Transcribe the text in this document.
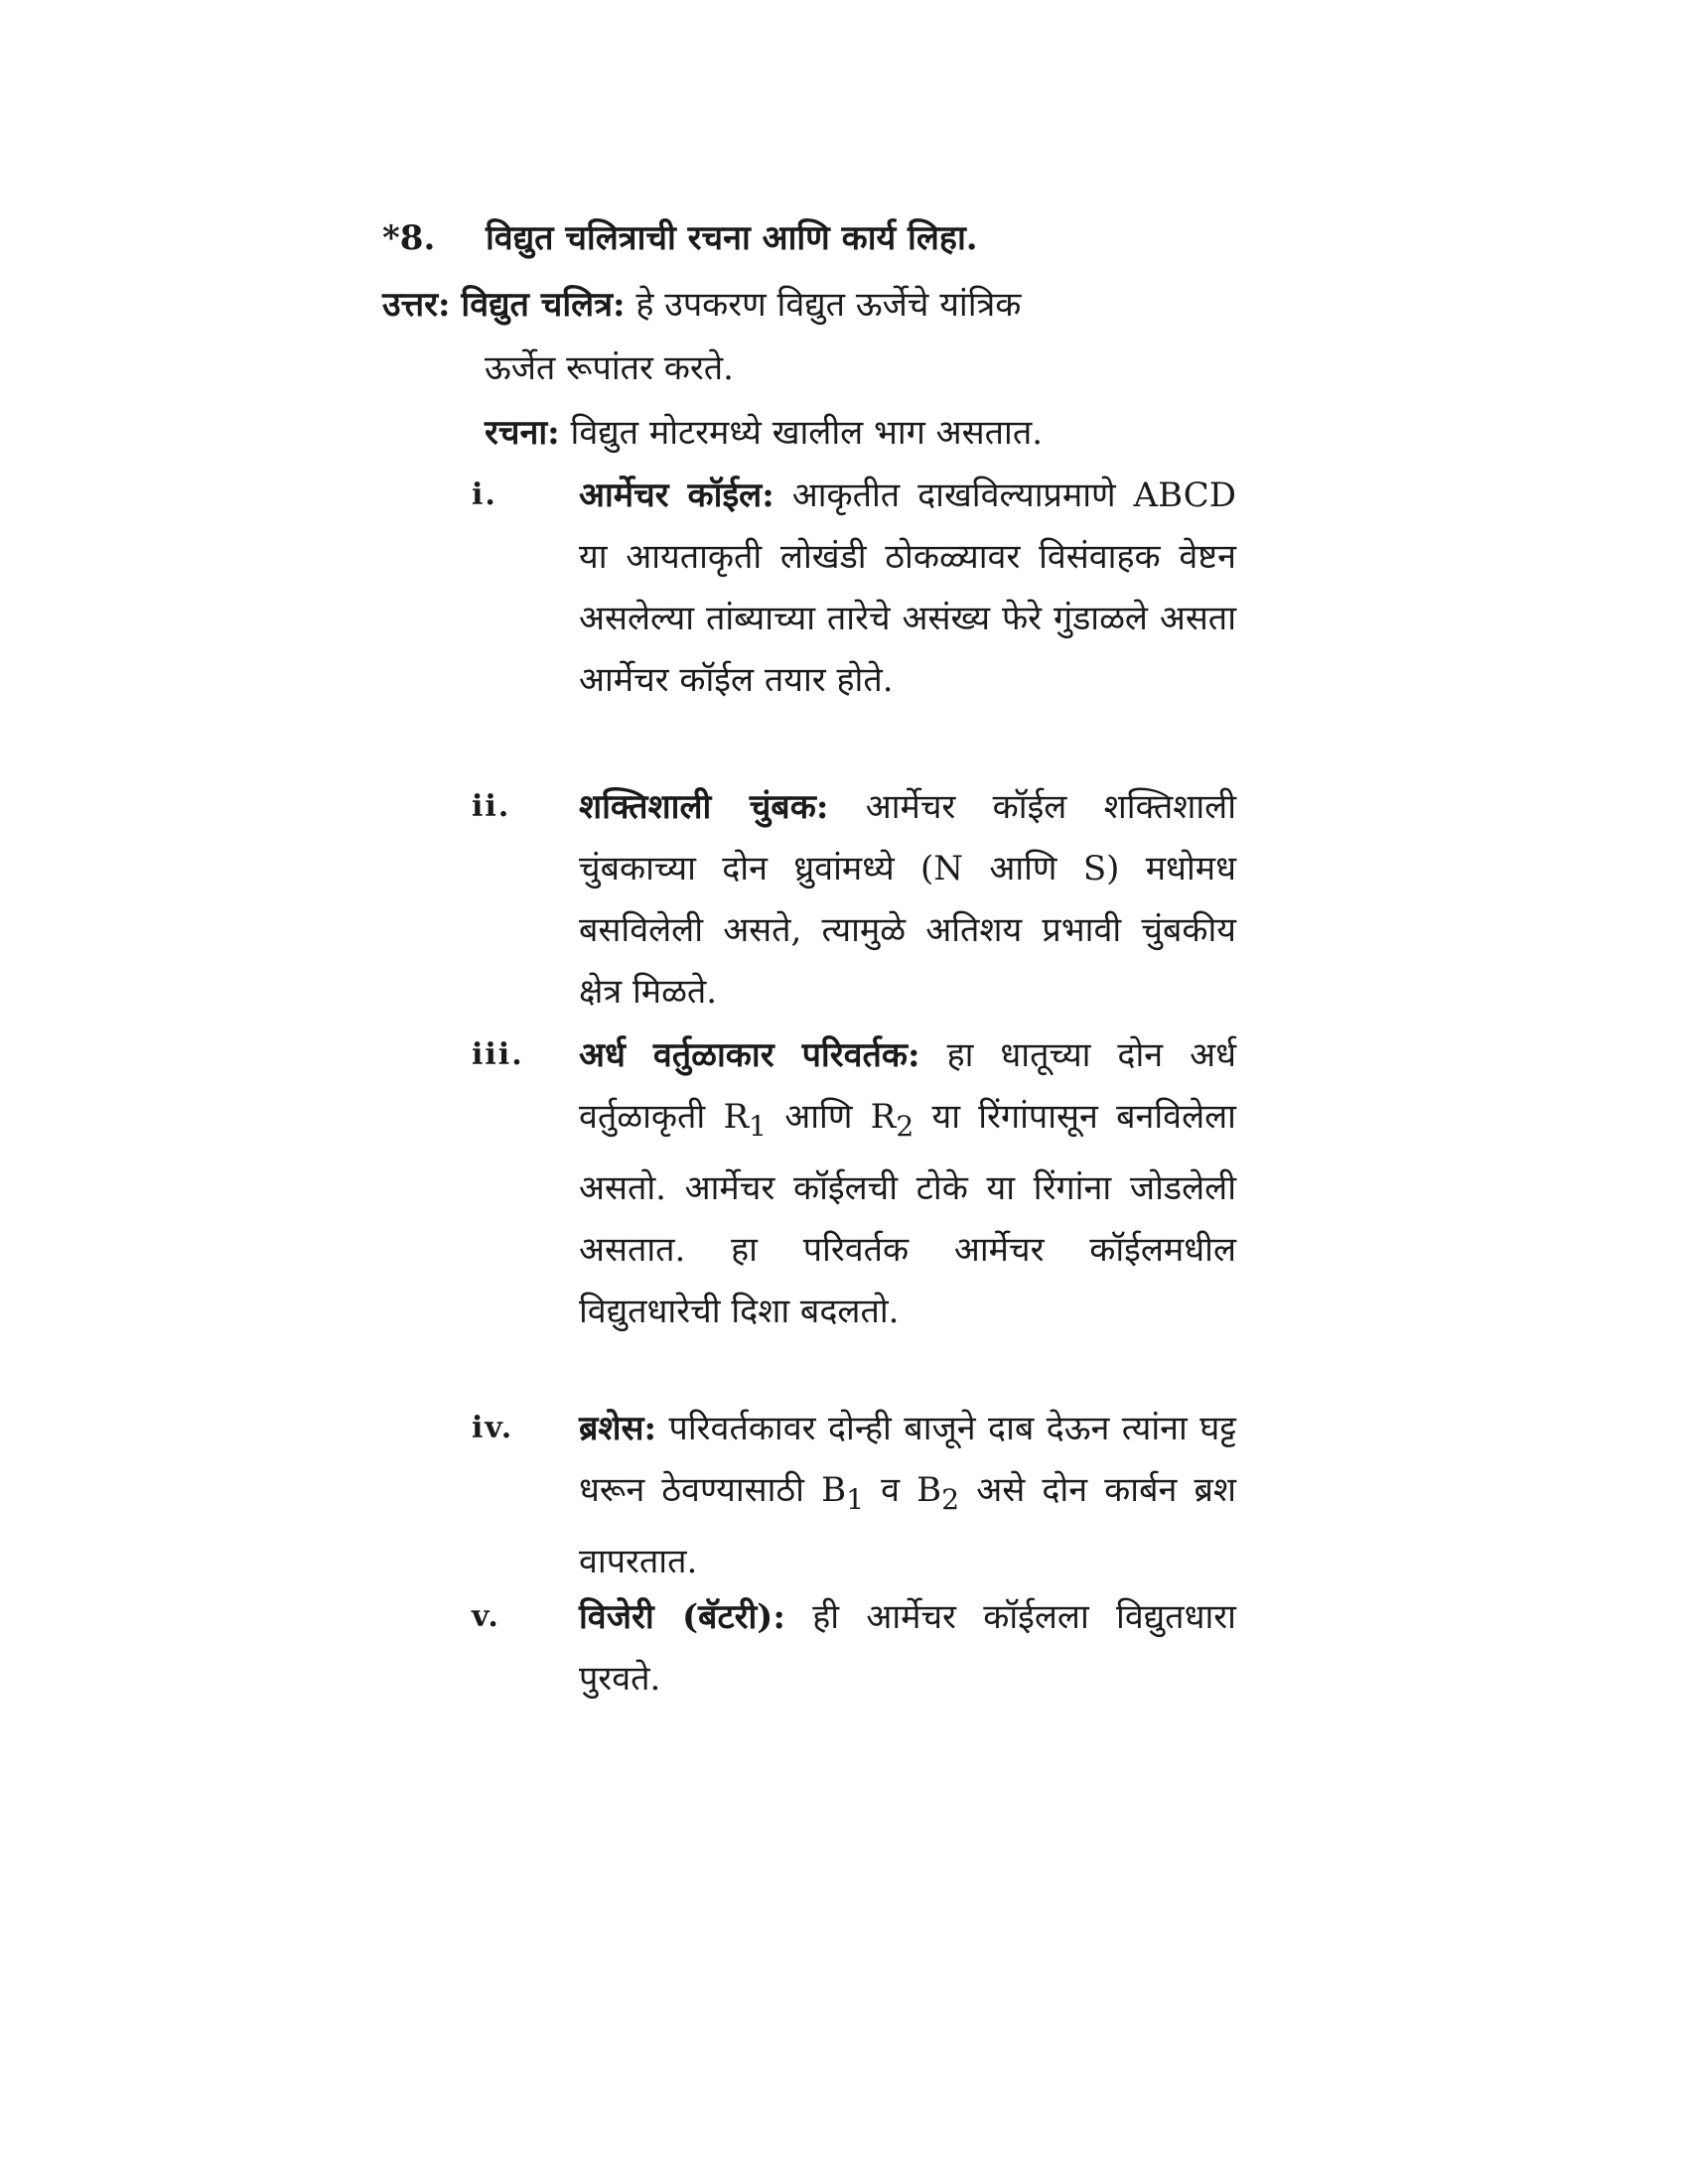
*8. विद्युत चलित्राची रचना आणि कार्य लिहा.
उत्तर: विद्युत चलित्र: हे उपकरण विद्युत ऊर्जेचे यांत्रिक
ऊर्जेत रूपांतर करते.
रचना: विद्युत मोटरमध्ये खालील भाग असतात.
i.	आर्मेचर कॉईल: आकृतीत दाखविल्याप्रमाणे ABCD या आयताकृती लोखंडी ठोकळ्यावर विसंवाहक वेष्टन असलेल्या तांब्याच्या तारेचे असंख्य फेरे गुंडाळले असता आर्मेचर कॉईल तयार होते.
ii.	शक्तिशाली चुंबक: आर्मेचर कॉईल शक्तिशाली चुंबकाच्या दोन ध्रुवांमध्ये (N आणि S) मधोमध बसविलेली असते, त्यामुळे अतिशय प्रभावी चुंबकीय क्षेत्र मिळते.
iii.	अर्ध वर्तुळाकार परिवर्तक: हा धातूच्या दोन अर्ध वर्तुळाकृती $R_1$ आणि $R_2$ या रिंगांपासून बनविलेला असतो. आर्मेचर कॉईलची टोके या रिंगांना जोडलेली असतात. हा परिवर्तक आर्मेचर कॉईलमधील विद्युतधारेची दिशा बदलतो.
iv.	ब्रशेस: परिवर्तकावर दोन्ही बाजूने दाब देऊन त्यांना घट्ट धरून ठेवण्यासाठी $B_1$ व $B_2$ असे दोन कार्बन ब्रश वापरतात.
v.	विजेरी (बॅटरी): ही आर्मेचर कॉईलला विद्युतधारा पुरवते.
